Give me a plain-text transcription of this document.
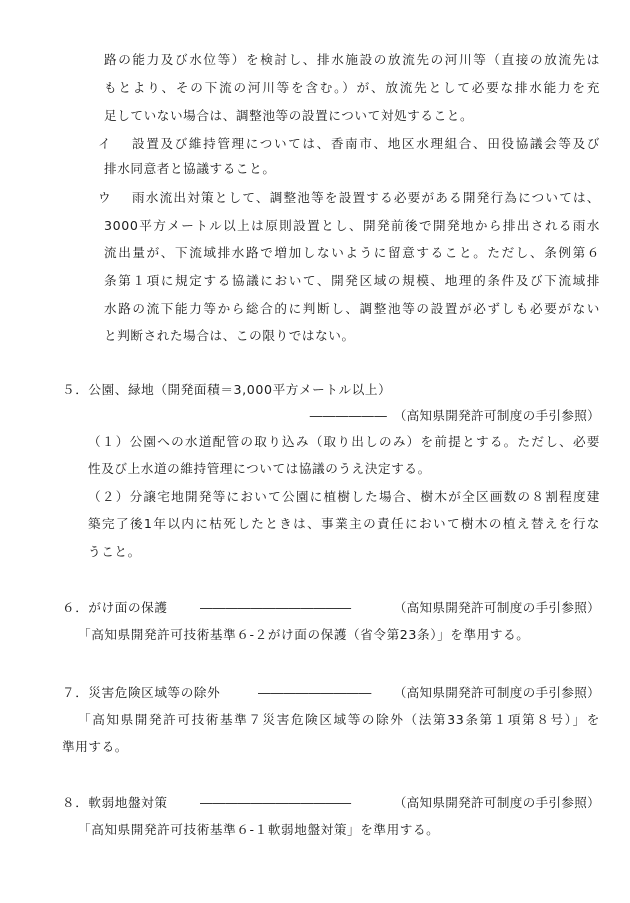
路の能力及び水位等）を検討し、排水施設の放流先の河川等（直接の放流先は
もとより、その下流の河川等を含む。）が、放流先として必要な排水能力を充
足していない場合は、調整池等の設置について対処すること。
イ 設置及び維持管理については、香南市、地区水理組合、田役協議会等及び
排水同意者と協議すること。
ウ 雨水流出対策として、調整池等を設置する必要がある開発行為については、
3000平方メートル以上は原則設置とし、開発前後で開発地から排出される雨水
流出量が、下流域排水路で増加しないように留意すること。ただし、条例第６
条第１項に規定する協議において、開発区域の規模、地理的条件及び下流域排
水路の流下能力等から総合的に判断し、調整池等の設置が必ずしも必要がない
と判断された場合は、この限りではない。
５．公園、緑地（開発面積＝3,000平方メートル以上）
――――――　（高知県開発許可制度の手引参照）
（１）公園への水道配管の取り込み（取り出しのみ）を前提とする。ただし、必要
性及び上水道の維持管理については協議のうえ決定する。
（２）分譲宅地開発等において公園に植樹した場合、樹木が全区画数の８割程度建
築完了後1年以内に枯死したときは、事業主の責任において樹木の植え替えを行な
うこと。
６．がけ面の保護	――――――――――――	（高知県開発許可制度の手引参照）
「高知県開発許可技術基準６-２がけ面の保護（省令第23条）」を準用する。
７．災害危険区域等の除外	――――――――― （高知県開発許可制度の手引参照）
「高知県開発許可技術基準７災害危険区域等の除外（法第33条第１項第８号）」を
準用する。
８．軟弱地盤対策	――――――――――――	（高知県開発許可制度の手引参照）
「高知県開発許可技術基準６-１軟弱地盤対策」を準用する。
